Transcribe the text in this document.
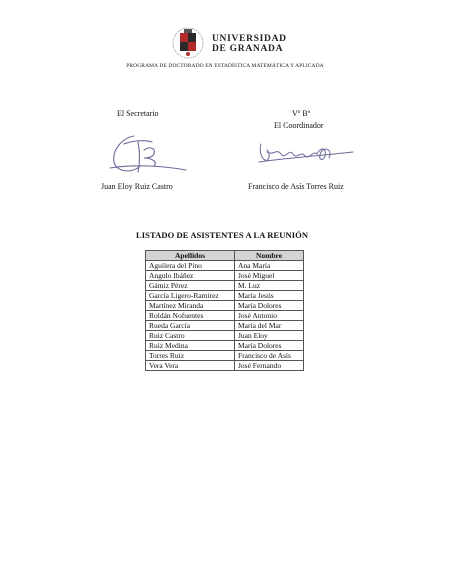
UNIVERSIDAD
DE GRANADA
PROGRAMA DE DOCTORADO EN ESTADÍSTICA MATEMÁTICA Y APLICADA
El Secretario	Vº Bº
El Coordinador
Juan Eloy Ruiz Castro	Francisco de Asís Torres Ruiz
LISTADO DE ASISTENTES A LA REUNIÓN
Apellidos	Nombre
Aguilera del Pino	Ana María
Angulo Ibáñez	José Miguel
Gámiz Pérez	M. Luz
García Ligero-Ramírez	María Jesús
Martínez Miranda	María Dolores
Roldán Nofuentes	José Antonio
Rueda García	María del Mar
Ruiz Castro	Juan Eloy
Ruiz Medina	María Dolores
Torres Ruiz	Francisco de Asís
Vera Vera	José Fernando
